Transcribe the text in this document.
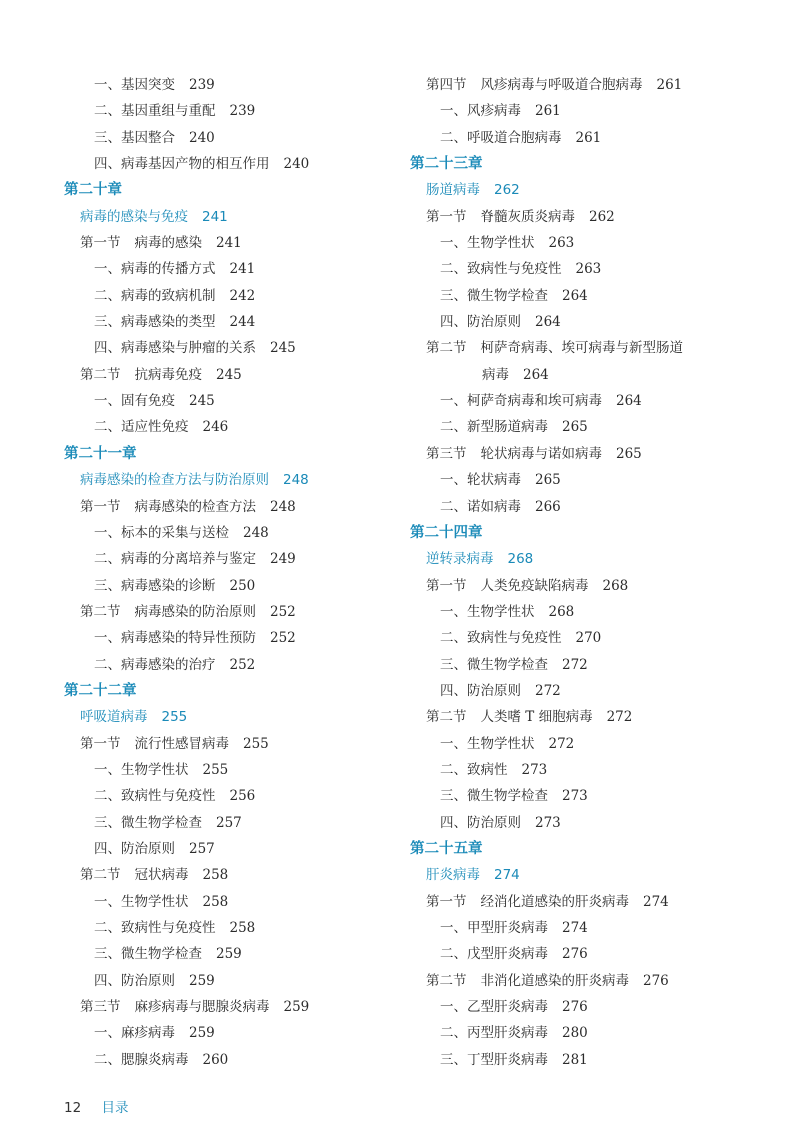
一、基因突变 239
二、基因重组与重配 239
三、基因整合 240
四、病毒基因产物的相互作用 240
第二十章
病毒的感染与免疫 241
第一节 病毒的感染 241
一、病毒的传播方式 241
二、病毒的致病机制 242
三、病毒感染的类型 244
四、病毒感染与肿瘤的关系 245
第二节 抗病毒免疫 245
一、固有免疫 245
二、适应性免疫 246
第二十一章
病毒感染的检查方法与防治原则 248
第一节 病毒感染的检查方法 248
一、标本的采集与送检 248
二、病毒的分离培养与鉴定 249
三、病毒感染的诊断 250
第二节 病毒感染的防治原则 252
一、病毒感染的特异性预防 252
二、病毒感染的治疗 252
第二十二章
呼吸道病毒 255
第一节 流行性感冒病毒 255
一、生物学性状 255
二、致病性与免疫性 256
三、微生物学检查 257
四、防治原则 257
第二节 冠状病毒 258
一、生物学性状 258
二、致病性与免疫性 258
三、微生物学检查 259
四、防治原则 259
第三节 麻疹病毒与腮腺炎病毒 259
一、麻疹病毒 259
二、腮腺炎病毒 260
第四节 风疹病毒与呼吸道合胞病毒 261
一、风疹病毒 261
二、呼吸道合胞病毒 261
第二十三章
肠道病毒 262
第一节 脊髓灰质炎病毒 262
一、生物学性状 263
二、致病性与免疫性 263
三、微生物学检查 264
四、防治原则 264
第二节 柯萨奇病毒、埃可病毒与新型肠道
病毒 264
一、柯萨奇病毒和埃可病毒 264
二、新型肠道病毒 265
第三节 轮状病毒与诺如病毒 265
一、轮状病毒 265
二、诺如病毒 266
第二十四章
逆转录病毒 268
第一节 人类免疫缺陷病毒 268
一、生物学性状 268
二、致病性与免疫性 270
三、微生物学检查 272
四、防治原则 272
第二节 人类嗜 T 细胞病毒 272
一、生物学性状 272
二、致病性 273
三、微生物学检查 273
四、防治原则 273
第二十五章
肝炎病毒 274
第一节 经消化道感染的肝炎病毒 274
一、甲型肝炎病毒 274
二、戊型肝炎病毒 276
第二节 非消化道感染的肝炎病毒 276
一、乙型肝炎病毒 276
二、丙型肝炎病毒 280
三、丁型肝炎病毒 281
12 目录
